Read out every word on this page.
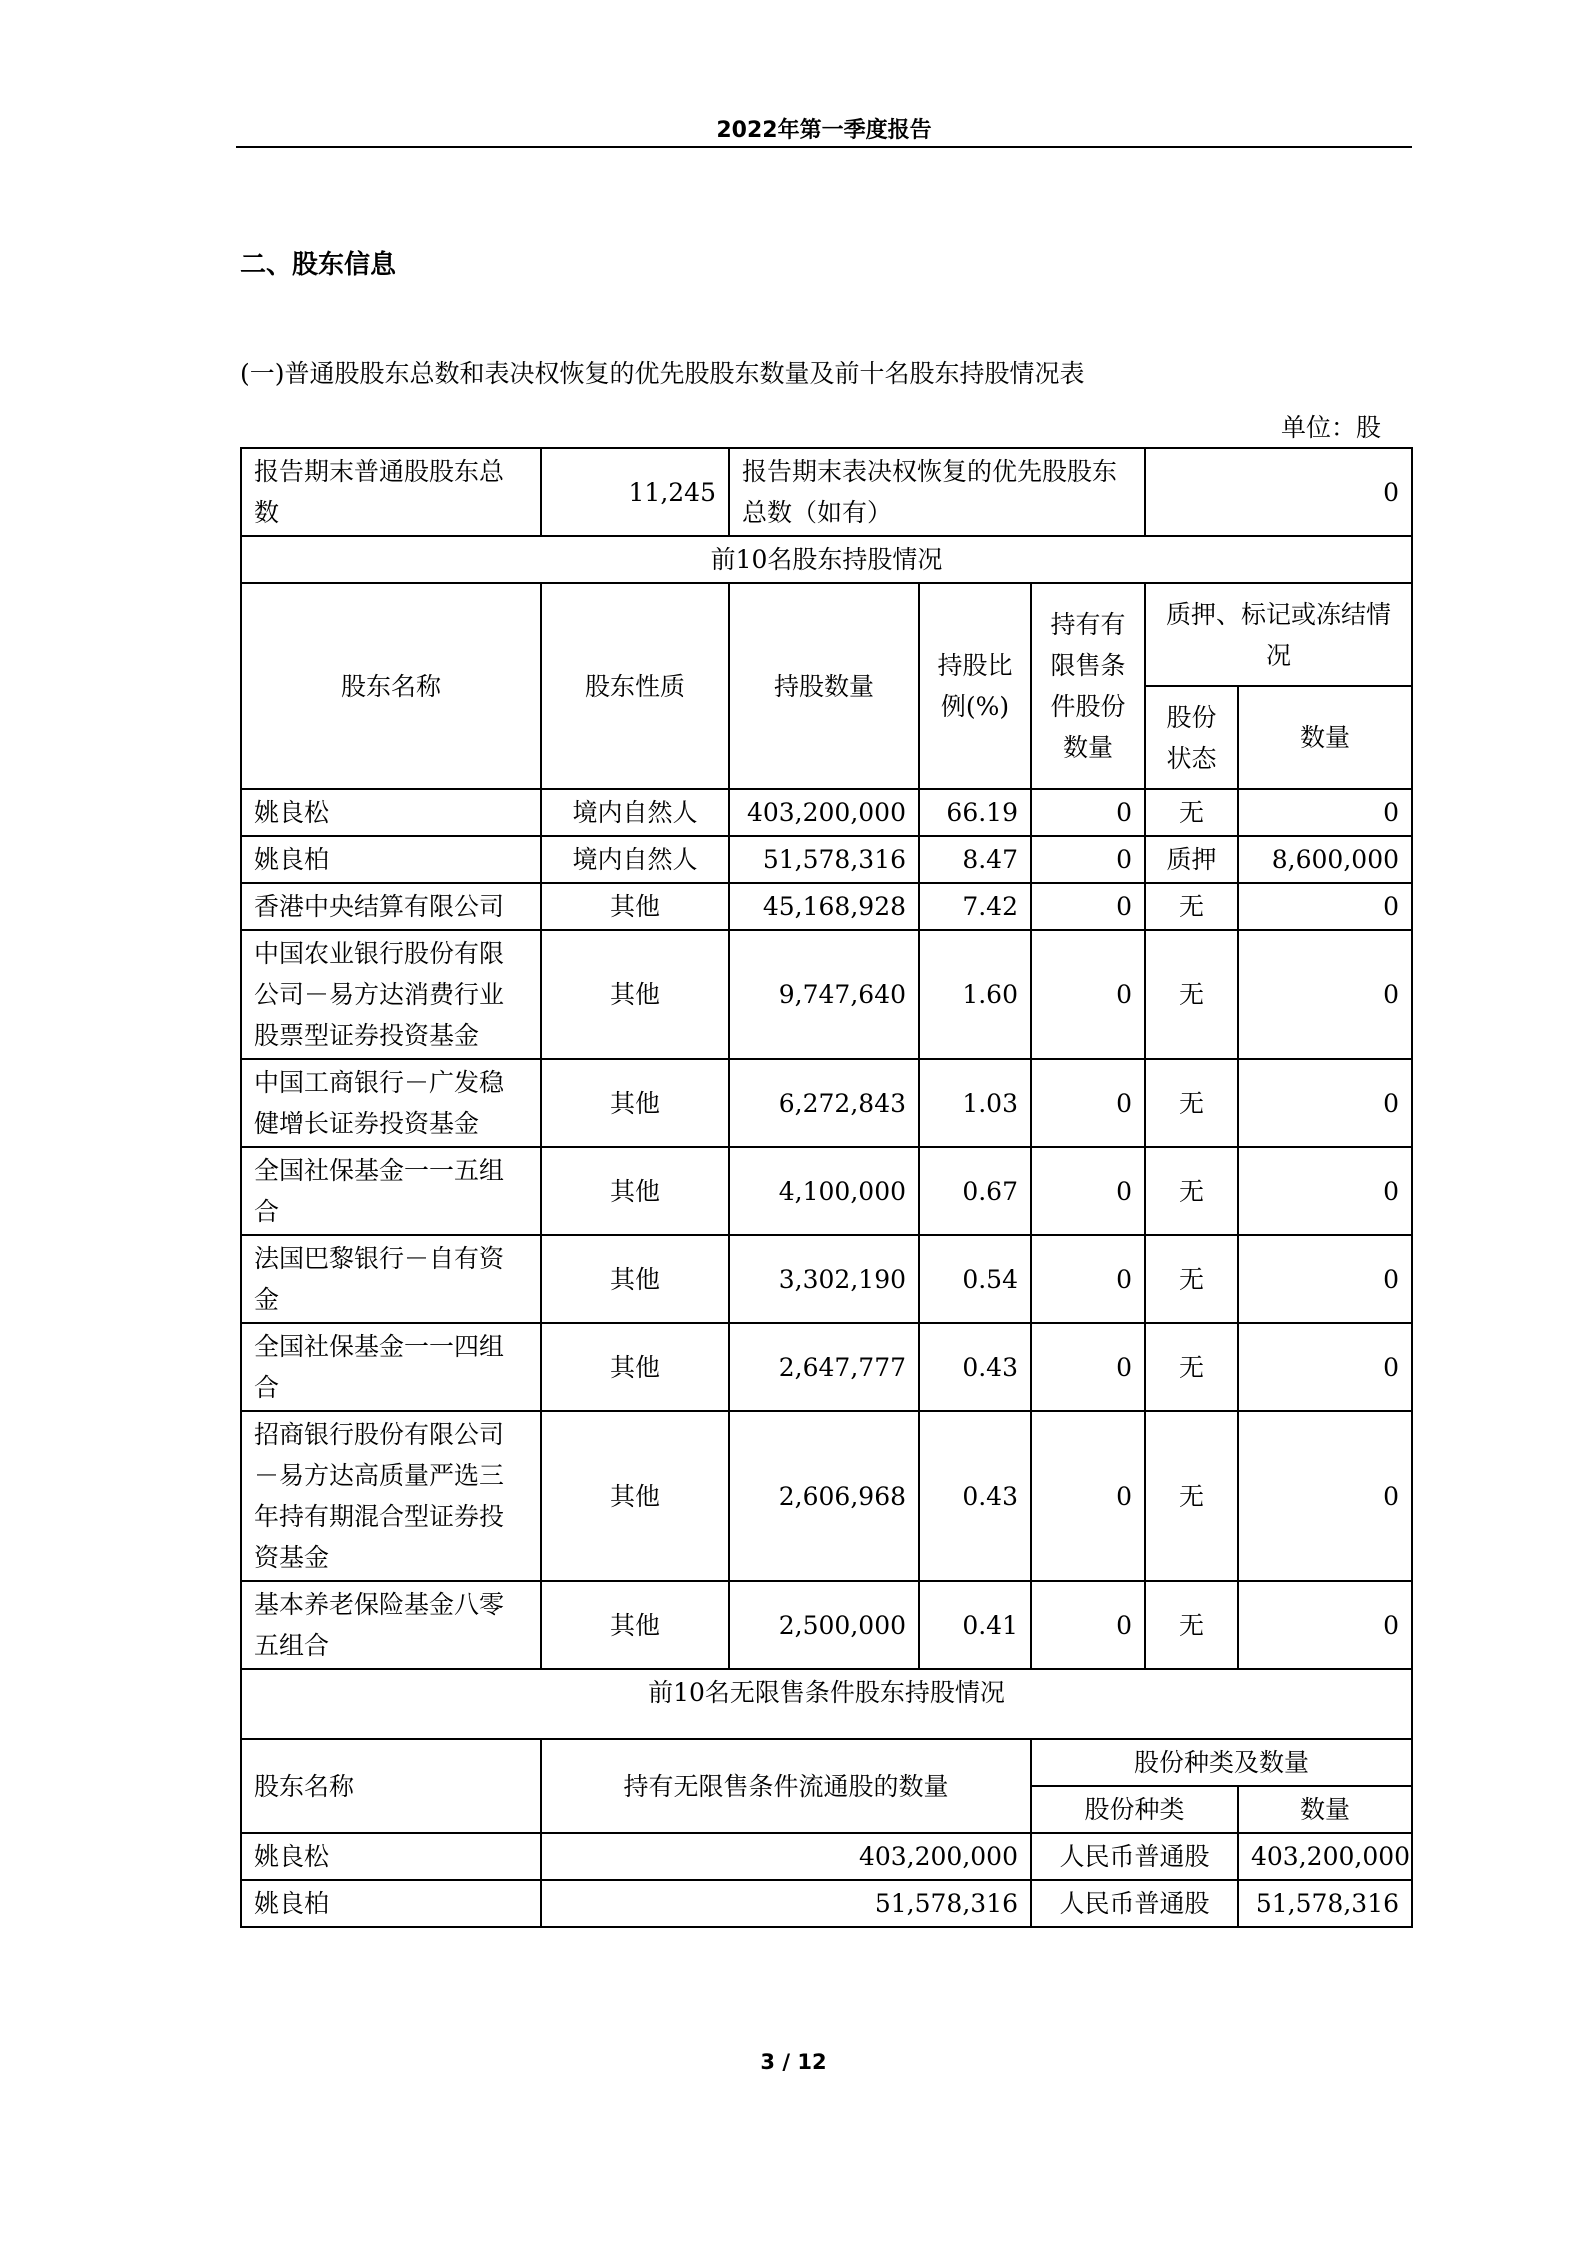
2022年第一季度报告
二、股东信息
(一)普通股股东总数和表决权恢复的优先股股东数量及前十名股东持股情况表
单位：股
报告期末普通股股东总数	11,245	报告期末表决权恢复的优先股股东总数（如有）			0	
前10名股东持股情况						
股东名称	股东性质	持股数量	持股比例(%)	持有有限售条件股份数量	质押、标记或冻结情况	
					股份状态	数量
姚良松	境内自然人	403,200,000	66.19	0	无	0
姚良柏	境内自然人	51,578,316	8.47	0	质押	8,600,000
香港中央结算有限公司	其他	45,168,928	7.42	0	无	0
中国农业银行股份有限公司－易方达消费行业股票型证券投资基金	其他	9,747,640	1.60	0	无	0
中国工商银行－广发稳健增长证券投资基金	其他	6,272,843	1.03	0	无	0
全国社保基金一一五组合	其他	4,100,000	0.67	0	无	0
法国巴黎银行－自有资金	其他	3,302,190	0.54	0	无	0
全国社保基金一一四组合	其他	2,647,777	0.43	0	无	0
招商银行股份有限公司－易方达高质量严选三年持有期混合型证券投资基金	其他	2,606,968	0.43	0	无	0
基本养老保险基金八零五组合	其他	2,500,000	0.41	0	无	0
前10名无限售条件股东持股情况						
股东名称	持有无限售条件流通股的数量			股份种类及数量		
				股份种类		数量
姚良松	403,200,000			人民币普通股		403,200,000
姚良柏	51,578,316			人民币普通股		51,578,316
3 / 12
